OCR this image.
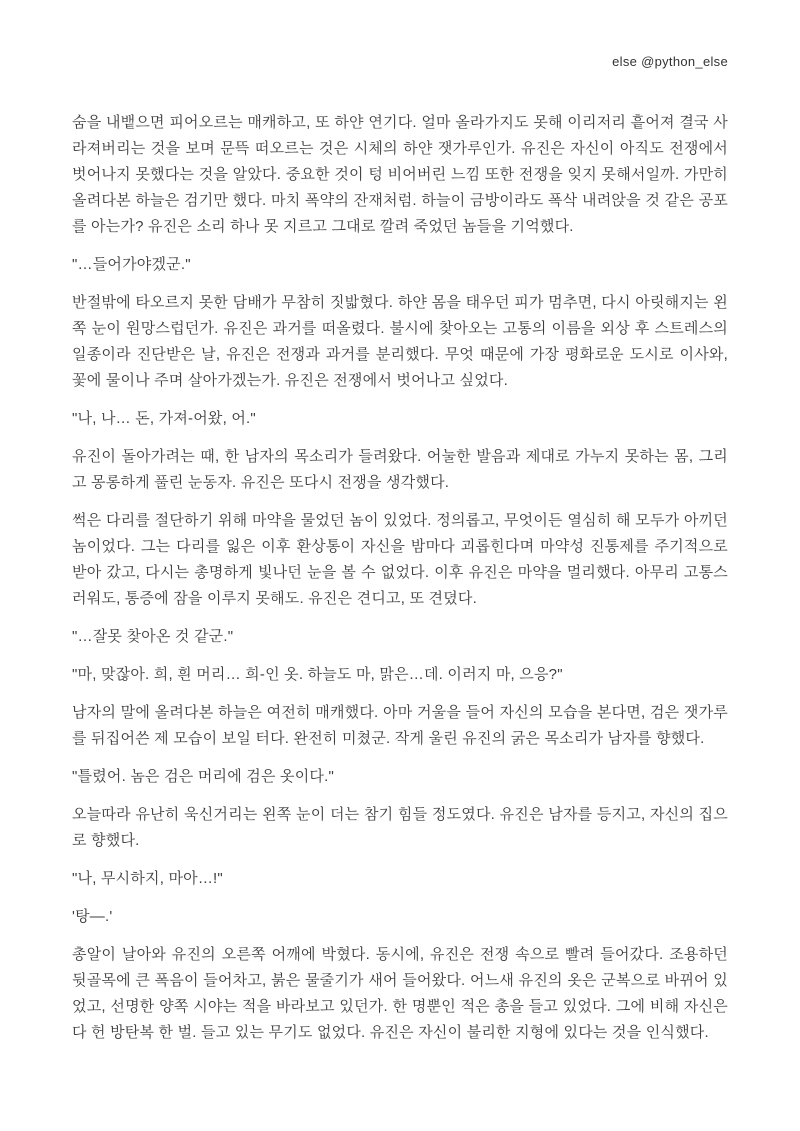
else @python_else

숨을 내뱉으면 피어오르는 매캐하고, 또 하얀 연기다. 얼마 올라가지도 못해 이리저리 흩어져 결국 사라져버리는 것을 보며 문뜩 떠오르는 것은 시체의 하얀 잿가루인가. 유진은 자신이 아직도 전쟁에서 벗어나지 못했다는 것을 알았다. 중요한 것이 텅 비어버린 느낌 또한 전쟁을 잊지 못해서일까. 가만히 올려다본 하늘은 검기만 했다. 마치 폭약의 잔재처럼. 하늘이 금방이라도 폭삭 내려앉을 것 같은 공포를 아는가? 유진은 소리 하나 못 지르고 그대로 깔려 죽었던 놈들을 기억했다.

"…들어가야겠군."

반절밖에 타오르지 못한 담배가 무참히 짓밟혔다. 하얀 몸을 태우던 피가 멈추면, 다시 아릿해지는 왼쪽 눈이 원망스럽던가. 유진은 과거를 떠올렸다. 불시에 찾아오는 고통의 이름을 외상 후 스트레스의 일종이라 진단받은 날, 유진은 전쟁과 과거를 분리했다. 무엇 때문에 가장 평화로운 도시로 이사와, 꽃에 물이나 주며 살아가겠는가. 유진은 전쟁에서 벗어나고 싶었다.

"나, 나… 돈, 가져-어왔, 어."

유진이 돌아가려는 때, 한 남자의 목소리가 들려왔다. 어눌한 발음과 제대로 가누지 못하는 몸, 그리고 몽롱하게 풀린 눈동자. 유진은 또다시 전쟁을 생각했다.

썩은 다리를 절단하기 위해 마약을 물었던 놈이 있었다. 정의롭고, 무엇이든 열심히 해 모두가 아끼던 놈이었다. 그는 다리를 잃은 이후 환상통이 자신을 밤마다 괴롭힌다며 마약성 진통제를 주기적으로 받아 갔고, 다시는 총명하게 빛나던 눈을 볼 수 없었다. 이후 유진은 마약을 멀리했다. 아무리 고통스러워도, 통증에 잠을 이루지 못해도. 유진은 견디고, 또 견뎠다.

"…잘못 찾아온 것 같군."

"마, 맞잖아. 희, 흰 머리… 희-인 옷. 하늘도 마, 맑은…데. 이러지 마, 으응?"

남자의 말에 올려다본 하늘은 여전히 매캐했다. 아마 거울을 들어 자신의 모습을 본다면, 검은 잿가루를 뒤집어쓴 제 모습이 보일 터다. 완전히 미쳤군. 작게 울린 유진의 굵은 목소리가 남자를 향했다.

"틀렸어. 놈은 검은 머리에 검은 옷이다."

오늘따라 유난히 욱신거리는 왼쪽 눈이 더는 참기 힘들 정도였다. 유진은 남자를 등지고, 자신의 집으로 향했다.

"나, 무시하지, 마아…!"

'탕—.'

총알이 날아와 유진의 오른쪽 어깨에 박혔다. 동시에, 유진은 전쟁 속으로 빨려 들어갔다. 조용하던 뒷골목에 큰 폭음이 들어차고, 붉은 물줄기가 새어 들어왔다. 어느새 유진의 옷은 군복으로 바뀌어 있었고, 선명한 양쪽 시야는 적을 바라보고 있던가. 한 명뿐인 적은 총을 들고 있었다. 그에 비해 자신은 다 헌 방탄복 한 벌. 들고 있는 무기도 없었다. 유진은 자신이 불리한 지형에 있다는 것을 인식했다.
